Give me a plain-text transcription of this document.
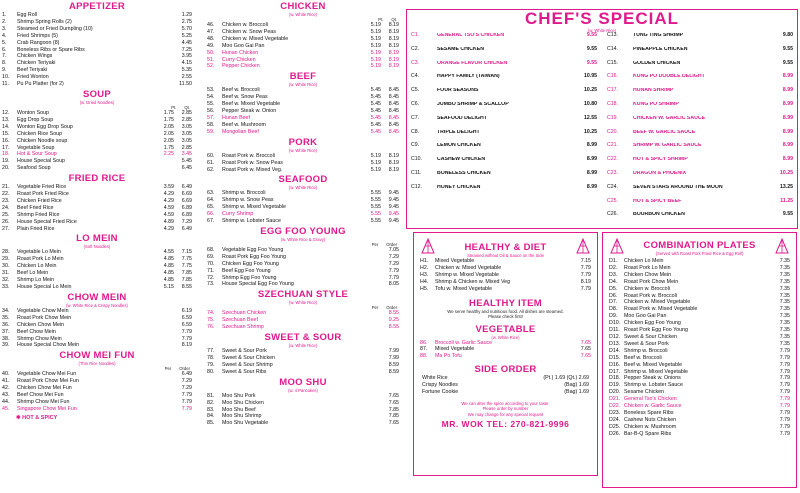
APPETIZER
1.	Egg Roll	1.29
2.	Shrimp Spring Rolls (2)	2.75
3.	Steamed or Fried Dumpling (10)	5.70
4.	Fried Shrimps (5)	5.25
5.	Crab Rangoon (8)	4.45
6.	Boneless Ribs or Spare Ribs	7.25
7.	Chicken Wings	3.95
8.	Chicken Teriyaki	4.15
9.	Beef Teriyaki	5.35
10.	Fried Wonton	2.55
11.	Pu Pu Platter (for 2)	11.50
SOUP
(w. Dried Noodles)
Pt. Qt.
12.	Wonton Soup	1.75	2.85
13.	Egg Drop Soup	1.75	2.85
14.	Wonton Egg Drop Soup	2.05	3.05
15.	Chicken Rice Soup	2.05	3.05
16.	Chicken Noodle soup	2.05	3.05
17.	Vegetable Soup	1.75	2.85
18.	Hot & Sour Soup	2.25	3.45
19.	House Special Soup	5.45
20.	Seafood Soup	6.45
FRIED RICE
21.	Vegetable Fried Rice	3.59	6.49
22.	Roast Pork Fried Rice	4.29	6.69
23.	Chicken Fried Rice	4.29	6.69
24.	Beef Fried Rice	4.59	6.89
25.	Shrimp Fried Rice	4.59	6.89
26.	House Special Fried Rice	4.89	7.29
27.	Plain Fried Rice	4.29	6.49
LO MEIN
(Soft Noodles)
28.	Vegetable Lo Mein	4.55	7.15
29.	Roast Pork Lo Mein	4.85	7.75
30.	Chicken Lo Mein	4.85	7.75
31.	Beef Lo Mein	4.85	7.85
32.	Shrimp Lo Mein	4.85	7.85
33.	House Special Lo Mein	5.15	8.55
CHOW MEIN
(w. White Rice & Crispy Noodles)
34.	Vegetable Chow Mein	6.19
35.	Roast Pork Chow Mein	6.59
36.	Chicken Chow Mein	6.59
37.	Beef Chow Mein	7.79
38.	Shrimp Chow Mein	7.79
39.	House Special Chow Mein	8.19
CHOW MEI FUN
(Thin Rice Noodles)
Per Order
40.	Vegetable Chow Mei Fun	6.49
41.	Roast Pork Chow Mei Fun	7.29
42.	Chicken Chow Mei Fun	7.29
43.	Beef Chow Mei Fun	7.79
44.	Shrimp Chow Mei Fun	7.79
45.	Singapore Chow Mei Fun	7.79
✱ HOT & SPICY
CHICKEN
(w. White Rice)
Pt. Qt.
46.	Chicken w. Broccoli	5.19	8.19
47.	Chicken w. Snow Peas	5.19	8.19
48.	Chicken w. Mixed Vegetable	5.19	8.19
49.	Moo Goo Gai Pan	5.19	8.19
50.	Hunan Chicken	5.19	8.19
51.	Curry Chicken	5.19	8.19
52.	Pepper Chicken	5.19	8.19
BEEF
(w. White Rice)
53.	Beef w. Broccoli	5.45	8.45
54.	Beef w. Snow Peas	5.45	8.45
55.	Beef w. Mixed Vegetable	5.45	8.45
56.	Pepper Steak w. Onion	5.45	8.45
57.	Hunan Beef	5.45	8.45
58.	Beef w. Mushroom	5.45	8.45
59.	Mongolian Beef	5.45	8.45
PORK
(w. White Rice)
60.	Roast Pork w. Broccoli	5.19	8.19
61.	Roast Pork w. Snow Peas	5.19	8.19
62.	Roast Pork w. Mixed Veg.	5.19	8.19
SEAFOOD
(w. White Rice)
63.	Shrimp w. Broccoli	5.55	9.45
64.	Shrimp w. Snow Peas	5.55	9.45
65.	Shrimp w. Mixed Vegetable	5.55	9.45
66.	Curry Shrimp	5.55	9.45
67.	Shrimp w. Lobster Sauce	5.55	9.45
EGG FOO YOUNG
(w. White Rice & Gravy)
Per Order
68.	Vegetable Egg Foo Young	7.05
69.	Roast Pork Egg Foo Young	7.29
70.	Chicken Egg Foo Young	7.29
71.	Beef Egg Foo Young	7.79
72.	Shrimp Egg Foo Young	7.79
73.	House Special Egg Foo Young	8.05
SZECHUAN STYLE
(w. White Rice)
Per Order
74.	Szechuan Chicken	8.55
75.	Szechuan Beef	9.25
76.	Szechuan Shrimp	8.55
SWEET & SOUR
(w. White Rice)
77.	Sweet & Sour Pork	7.99
78.	Sweet & Sour Chicken	7.99
79.	Sweet & Sour Shrimp	8.59
80.	Sweet & Sour Ribs	8.59
MOO SHU
(w. 4 Pancakes)
81.	Moo Shu Pork	7.65
82.	Moo Shu Chicken	7.65
83.	Moo Shu Beef	7.85
84.	Moo Shu Shrimp	7.85
85.	Moo Shu Vegetable	7.65
CHEF'S SPECIAL
(w. White Rice)
C1.	GENERAL TSO'S CHICKEN	9.55
C2.	SESAME CHICKEN	9.55
C3.	ORANGE FLAVOR CHICKEN	9.55
C4.	HAPPY FAMILY (TAIWAN)	10.95
C5.	FOUR SEASONS	10.25
C6.	JUMBO SHRIMP & SCALLOP	10.80
C7.	SEAFOOD DELIGHT	12.55
C8.	TRIPLE DELIGHT	10.25
C9.	LEMON CHICKEN	8.99
C10.	CASHEW CHICKEN	8.99
C11.	BONELESS CHICKEN	8.99
C12.	HONEY CHICKEN	8.99
C13.	TUNG TING SHRIMP	9.80
C14.	PINEAPPLE CHICKEN	9.55
C15.	GOLDEN CHICKEN	9.55
C16.	KUNG PO DOUBLE DELIGHT	8.99
C17.	HUNAN SHRIMP	8.99
C18.	KUNG PO SHRIMP	8.99
C19.	CHICKEN W. GARLIC SAUCE	8.99
C20.	BEEF W. GARLIC SAUCE	8.99
C21.	SHRIMP W. GARLIC SAUCE	8.99
C22.	HOT & SPICY SHRIMP	8.99
C23.	DRAGON & PHOENIX	10.25
C24.	SEVEN STARS AROUND THE MOON	13.25
C25.	HOT & SPICY BEEF	11.25
C26.	BOURBON CHICKEN	9.55
HEALTHY & DIET
Steamed without Oil & Sauce on the Side
H1.	Mixed Vegetable	7.15
H2.	Chicken w. Mixed Vegetable	7.79
H3.	Shrimp w. Mixed Vegetable	7.79
H4.	Shrimp & Chicken w. Mixed Veg	8.19
H5.	Tofu w. Mixed Vegetable	7.79
HEALTHY ITEM
We serve healthy and nutritious food. All dishes are steamed.
Please check first!
VEGETABLE
(w. White Rice)
86.	Broccoli w. Garlic Sauce	7.65
87.	Mixed Vegetable	7.65
88.	Ma Po Tofu	7.65
SIDE ORDER
White Rice	(Pt.) 1.69 (Qt.) 2.69
Crispy Noodles	(Bag) 1.69
Fortune Cookie	(Bag) 1.69
We can alter the spice according to your taste.
Please order by number
We may change for any special request
MR. WOK TEL: 270-821-9996
COMBINATION PLATES
(Served with Roast Pork Fried Rice & Egg Roll)
D1.	Chicken Lo Mein	7.35
D2.	Roast Pork Lo Mein	7.35
D3.	Chicken Chow Mein	7.35
D4.	Roast Pork Chow Mein	7.35
D5.	Chicken w. Broccoli	7.35
D6.	Roast Pork w. Broccoli	7.35
D7.	Chicken w. Mixed Vegetable	7.35
D8.	Roast Pork w. Mixed Vegetable	7.35
D9.	Moo Goo Gai Pan	7.35
D10. Chicken Egg Foo Young	7.35
D11. Roast Pork Egg Foo Young	7.35
D12. Sweet & Sour Chicken	7.35
D13. Sweet & Sour Pork	7.35
D14. Shrimp w. Broccoli	7.79
D15. Beef w. Broccoli	7.79
D16. Beef w. Mixed Vegetable	7.79
D17. Shrimp w. Mixed Vegetable	7.79
D18. Pepper Steak w. Onions	7.79
D19. Shrimp w. Lobster Sauce	7.79
D20. Sesame Chicken	7.79
D21. General Tso's Chicken	7.79
D22. Chicken w. Garlic Sauce	7.79
D23. Boneless Spare Ribs	7.79
D24. Cashew Nuts Chicken	7.79
D25. Chicken w. Mushroom	7.79
D26. Bar-B-Q Spare Ribs	7.79
